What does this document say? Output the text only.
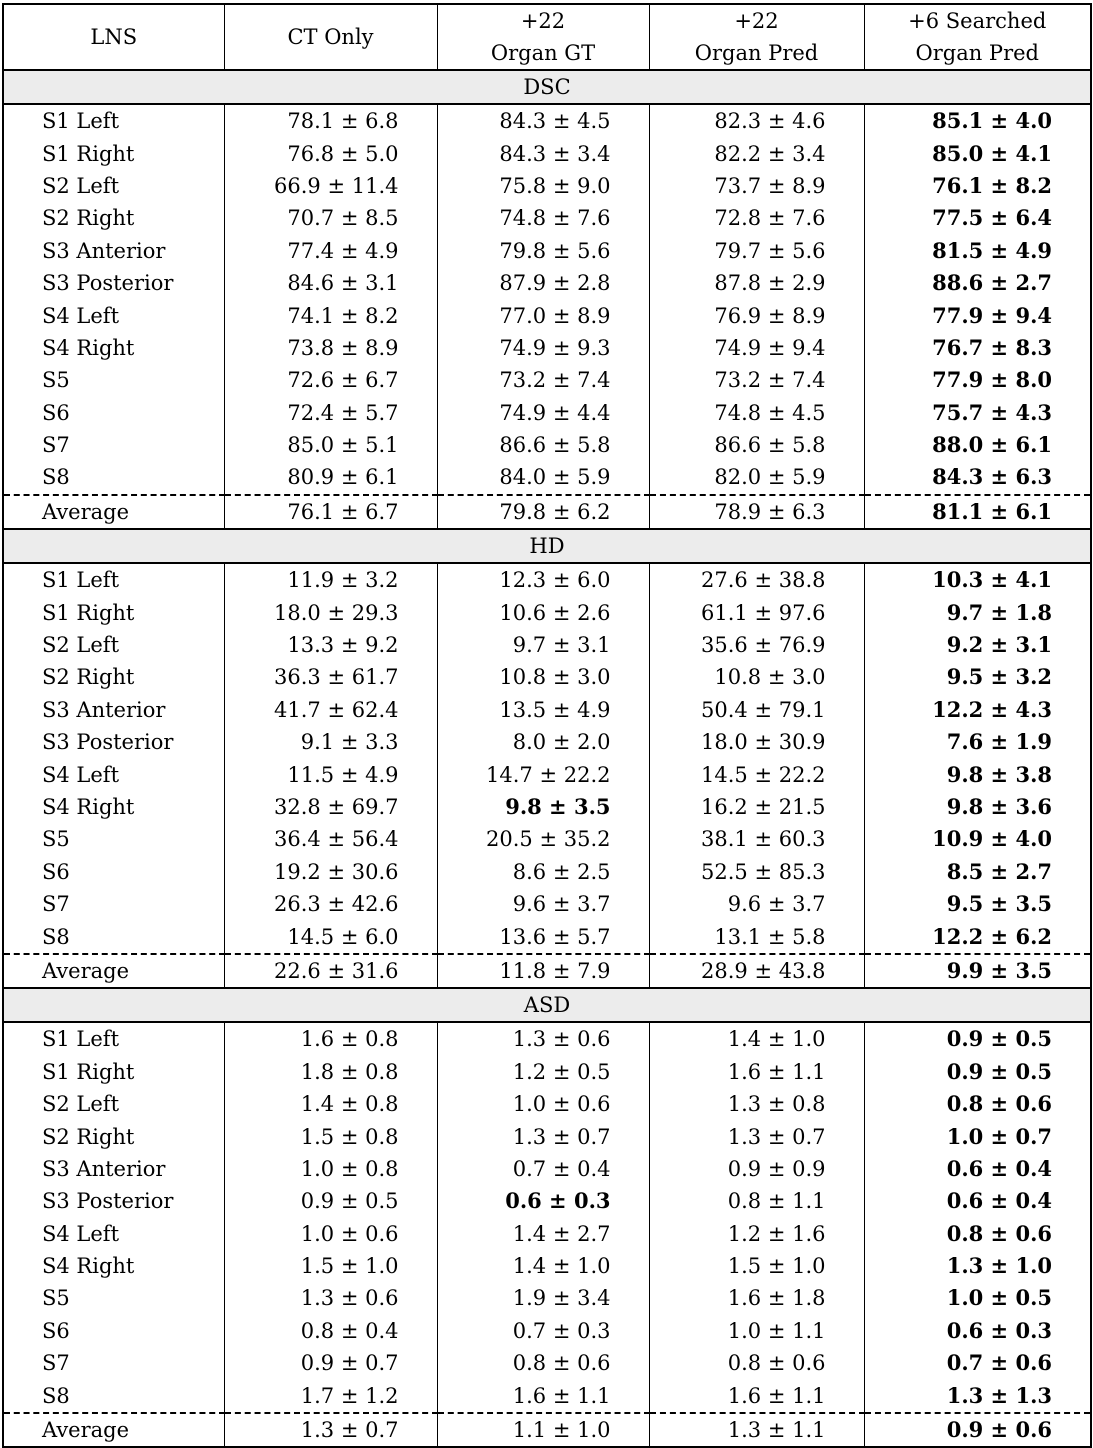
LNS	CT Only	+22	+22	+6 Searched
		Organ GT	Organ Pred	Organ Pred
DSC				
S1 Left	78.1 ± 6.8	84.3 ± 4.5	82.3 ± 4.6	85.1 ± 4.0
S1 Right	76.8 ± 5.0	84.3 ± 3.4	82.2 ± 3.4	85.0 ± 4.1
S2 Left	66.9 ± 11.4	75.8 ± 9.0	73.7 ± 8.9	76.1 ± 8.2
S2 Right	70.7 ± 8.5	74.8 ± 7.6	72.8 ± 7.6	77.5 ± 6.4
S3 Anterior	77.4 ± 4.9	79.8 ± 5.6	79.7 ± 5.6	81.5 ± 4.9
S3 Posterior	84.6 ± 3.1	87.9 ± 2.8	87.8 ± 2.9	88.6 ± 2.7
S4 Left	74.1 ± 8.2	77.0 ± 8.9	76.9 ± 8.9	77.9 ± 9.4
S4 Right	73.8 ± 8.9	74.9 ± 9.3	74.9 ± 9.4	76.7 ± 8.3
S5	72.6 ± 6.7	73.2 ± 7.4	73.2 ± 7.4	77.9 ± 8.0
S6	72.4 ± 5.7	74.9 ± 4.4	74.8 ± 4.5	75.7 ± 4.3
S7	85.0 ± 5.1	86.6 ± 5.8	86.6 ± 5.8	88.0 ± 6.1
S8	80.9 ± 6.1	84.0 ± 5.9	82.0 ± 5.9	84.3 ± 6.3
Average	76.1 ± 6.7	79.8 ± 6.2	78.9 ± 6.3	81.1 ± 6.1
HD				
S1 Left	11.9 ± 3.2	12.3 ± 6.0	27.6 ± 38.8	10.3 ± 4.1
S1 Right	18.0 ± 29.3	10.6 ± 2.6	61.1 ± 97.6	9.7 ± 1.8
S2 Left	13.3 ± 9.2	9.7 ± 3.1	35.6 ± 76.9	9.2 ± 3.1
S2 Right	36.3 ± 61.7	10.8 ± 3.0	10.8 ± 3.0	9.5 ± 3.2
S3 Anterior	41.7 ± 62.4	13.5 ± 4.9	50.4 ± 79.1	12.2 ± 4.3
S3 Posterior	9.1 ± 3.3	8.0 ± 2.0	18.0 ± 30.9	7.6 ± 1.9
S4 Left	11.5 ± 4.9	14.7 ± 22.2	14.5 ± 22.2	9.8 ± 3.8
S4 Right	32.8 ± 69.7	9.8 ± 3.5	16.2 ± 21.5	9.8 ± 3.6
S5	36.4 ± 56.4	20.5 ± 35.2	38.1 ± 60.3	10.9 ± 4.0
S6	19.2 ± 30.6	8.6 ± 2.5	52.5 ± 85.3	8.5 ± 2.7
S7	26.3 ± 42.6	9.6 ± 3.7	9.6 ± 3.7	9.5 ± 3.5
S8	14.5 ± 6.0	13.6 ± 5.7	13.1 ± 5.8	12.2 ± 6.2
Average	22.6 ± 31.6	11.8 ± 7.9	28.9 ± 43.8	9.9 ± 3.5
ASD				
S1 Left	1.6 ± 0.8	1.3 ± 0.6	1.4 ± 1.0	0.9 ± 0.5
S1 Right	1.8 ± 0.8	1.2 ± 0.5	1.6 ± 1.1	0.9 ± 0.5
S2 Left	1.4 ± 0.8	1.0 ± 0.6	1.3 ± 0.8	0.8 ± 0.6
S2 Right	1.5 ± 0.8	1.3 ± 0.7	1.3 ± 0.7	1.0 ± 0.7
S3 Anterior	1.0 ± 0.8	0.7 ± 0.4	0.9 ± 0.9	0.6 ± 0.4
S3 Posterior	0.9 ± 0.5	0.6 ± 0.3	0.8 ± 1.1	0.6 ± 0.4
S4 Left	1.0 ± 0.6	1.4 ± 2.7	1.2 ± 1.6	0.8 ± 0.6
S4 Right	1.5 ± 1.0	1.4 ± 1.0	1.5 ± 1.0	1.3 ± 1.0
S5	1.3 ± 0.6	1.9 ± 3.4	1.6 ± 1.8	1.0 ± 0.5
S6	0.8 ± 0.4	0.7 ± 0.3	1.0 ± 1.1	0.6 ± 0.3
S7	0.9 ± 0.7	0.8 ± 0.6	0.8 ± 0.6	0.7 ± 0.6
S8	1.7 ± 1.2	1.6 ± 1.1	1.6 ± 1.1	1.3 ± 1.3
Average	1.3 ± 0.7	1.1 ± 1.0	1.3 ± 1.1	0.9 ± 0.6
